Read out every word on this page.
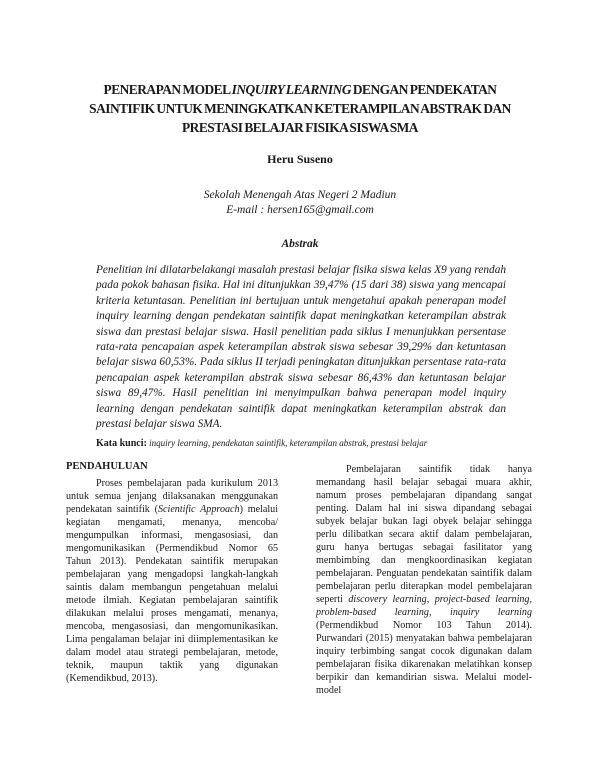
PENERAPAN MODEL INQUIRY LEARNING DENGAN PENDEKATAN SAINTIFIK UNTUK MENINGKATKAN KETERAMPILAN ABSTRAK DAN PRESTASI BELAJAR FISIKA SISWA SMA
Heru Suseno
Sekolah Menengah Atas Negeri 2 Madiun
E-mail : hersen165@gmail.com
Abstrak

Penelitian ini dilatarbelakangi masalah prestasi belajar fisika siswa kelas X9 yang rendah pada pokok bahasan fisika. Hal ini ditunjukkan 39,47% (15 dari 38) siswa yang mencapai kriteria ketuntasan. Penelitian ini bertujuan untuk mengetahui apakah penerapan model inquiry learning dengan pendekatan saintifik dapat meningkatkan keterampilan abstrak siswa dan prestasi belajar siswa. Hasil penelitian pada siklus I menunjukkan persentase rata-rata pencapaian aspek keterampilan abstrak siswa sebesar 39,29% dan ketuntasan belajar siswa 60,53%. Pada siklus II terjadi peningkatan ditunjukkan persentase rata-rata pencapaian aspek keterampilan abstrak siswa sebesar 86,43% dan ketuntasan belajar siswa 89,47%. Hasil penelitian ini menyimpulkan bahwa penerapan model inquiry learning dengan pendekatan saintifik dapat meningkatkan keterampilan abstrak dan prestasi belajar siswa SMA.

Kata kunci: inquiry learning, pendekatan saintifik, keterampilan abstrak, prestasi belajar
PENDAHULUAN

Proses pembelajaran pada kurikulum 2013 untuk semua jenjang dilaksanakan menggunakan pendekatan saintifik (Scientific Approach) melalui kegiatan mengamati, menanya, mencoba/ mengumpulkan informasi, mengasosiasi, dan mengomunikasikan (Permendikbud Nomor 65 Tahun 2013). Pendekatan saintifik merupakan pembelajaran yang mengadopsi langkah-langkah saintis dalam membangun pengetahuan melalui metode ilmiah. Kegiatan pembelajaran saintifik dilakukan melalui proses mengamati, menanya, mencoba, mengasosiasi, dan mengomunikasikan. Lima pengalaman belajar ini diimplementasikan ke dalam model atau strategi pembelajaran, metode, teknik, maupun taktik yang digunakan (Kemendikbud, 2013).

Pembelajaran saintifik tidak hanya memandang hasil belajar sebagai muara akhir, namum proses pembelajaran dipandang sangat penting. Dalam hal ini siswa dipandang sebagai subyek belajar bukan lagi obyek belajar sehingga perlu dilibatkan secara aktif dalam pembelajaran, guru hanya bertugas sebagai fasilitator yang membimbing dan mengkoordinasikan kegiatan pembelajaran. Penguatan pendekatan saintifik dalam pembelajaran perlu diterapkan model pembelajaran seperti discovery learning, project-based learning, problem-based learning, inquiry learning (Permendikbud Nomor 103 Tahun 2014). Purwandari (2015) menyatakan bahwa pembelajaran inquiry terbimbing sangat cocok digunakan dalam pembelajaran fisika dikarenakan melatihkan konsep berpikir dan kemandirian siswa. Melalui model-model
